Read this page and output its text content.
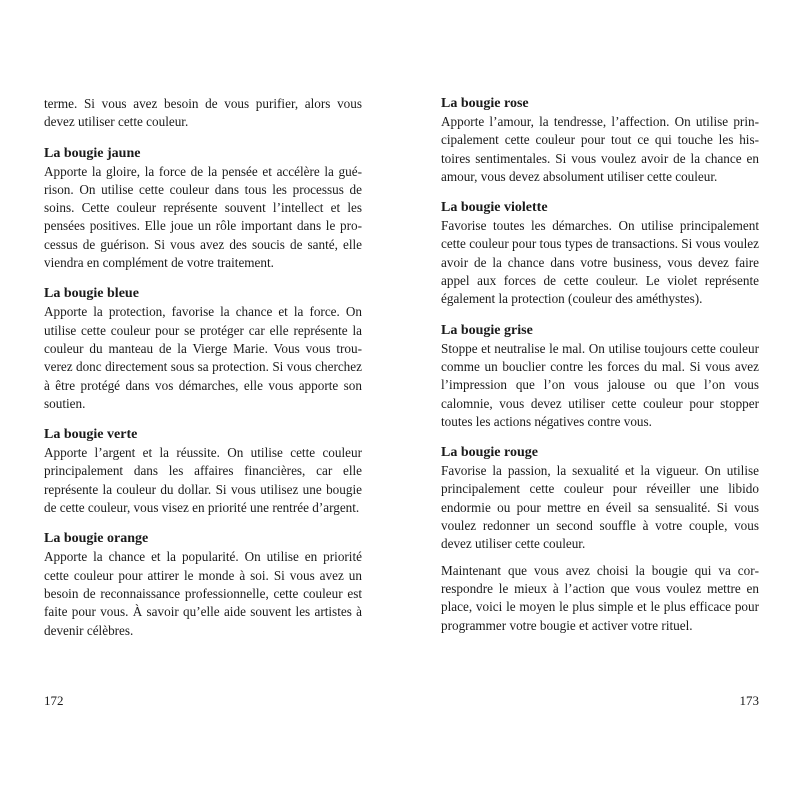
terme. Si vous avez besoin de vous purifier, alors vous devez utiliser cette couleur.

La bougie jaune

Apporte la gloire, la force de la pensée et accélère la guérison. On utilise cette couleur dans tous les processus de soins. Cette couleur représente souvent l’intellect et les pensées positives. Elle joue un rôle important dans le processus de guérison. Si vous avez des soucis de santé, elle viendra en complément de votre traitement.

La bougie bleue

Apporte la protection, favorise la chance et la force. On utilise cette couleur pour se protéger car elle représente la couleur du manteau de la Vierge Marie. Vous vous trouverez donc directement sous sa protection. Si vous cherchez à être protégé dans vos démarches, elle vous apporte son soutien.

La bougie verte

Apporte l’argent et la réussite. On utilise cette couleur principalement dans les affaires financières, car elle représente la couleur du dollar. Si vous utilisez une bougie de cette couleur, vous visez en priorité une rentrée d’argent.

La bougie orange

Apporte la chance et la popularité. On utilise en priorité cette couleur pour attirer le monde à soi. Si vous avez un besoin de reconnaissance professionnelle, cette couleur est faite pour vous. À savoir qu’elle aide souvent les artistes à devenir célèbres.

172

La bougie rose

Apporte l’amour, la tendresse, l’affection. On utilise principalement cette couleur pour tout ce qui touche les histoires sentimentales. Si vous voulez avoir de la chance en amour, vous devez absolument utiliser cette couleur.

La bougie violette

Favorise toutes les démarches. On utilise principalement cette couleur pour tous types de transactions. Si vous voulez avoir de la chance dans votre business, vous devez faire appel aux forces de cette couleur. Le violet représente également la protection (couleur des améthystes).

La bougie grise

Stoppe et neutralise le mal. On utilise toujours cette couleur comme un bouclier contre les forces du mal. Si vous avez l’impression que l’on vous jalouse ou que l’on vous calomnie, vous devez utiliser cette couleur pour stopper toutes les actions négatives contre vous.

La bougie rouge

Favorise la passion, la sexualité et la vigueur. On utilise principalement cette couleur pour réveiller une libido endormie ou pour mettre en éveil sa sensualité. Si vous voulez redonner un second souffle à votre couple, vous devez utiliser cette couleur.

Maintenant que vous avez choisi la bougie qui va correspondre le mieux à l’action que vous voulez mettre en place, voici le moyen le plus simple et le plus efficace pour programmer votre bougie et activer votre rituel.

173
